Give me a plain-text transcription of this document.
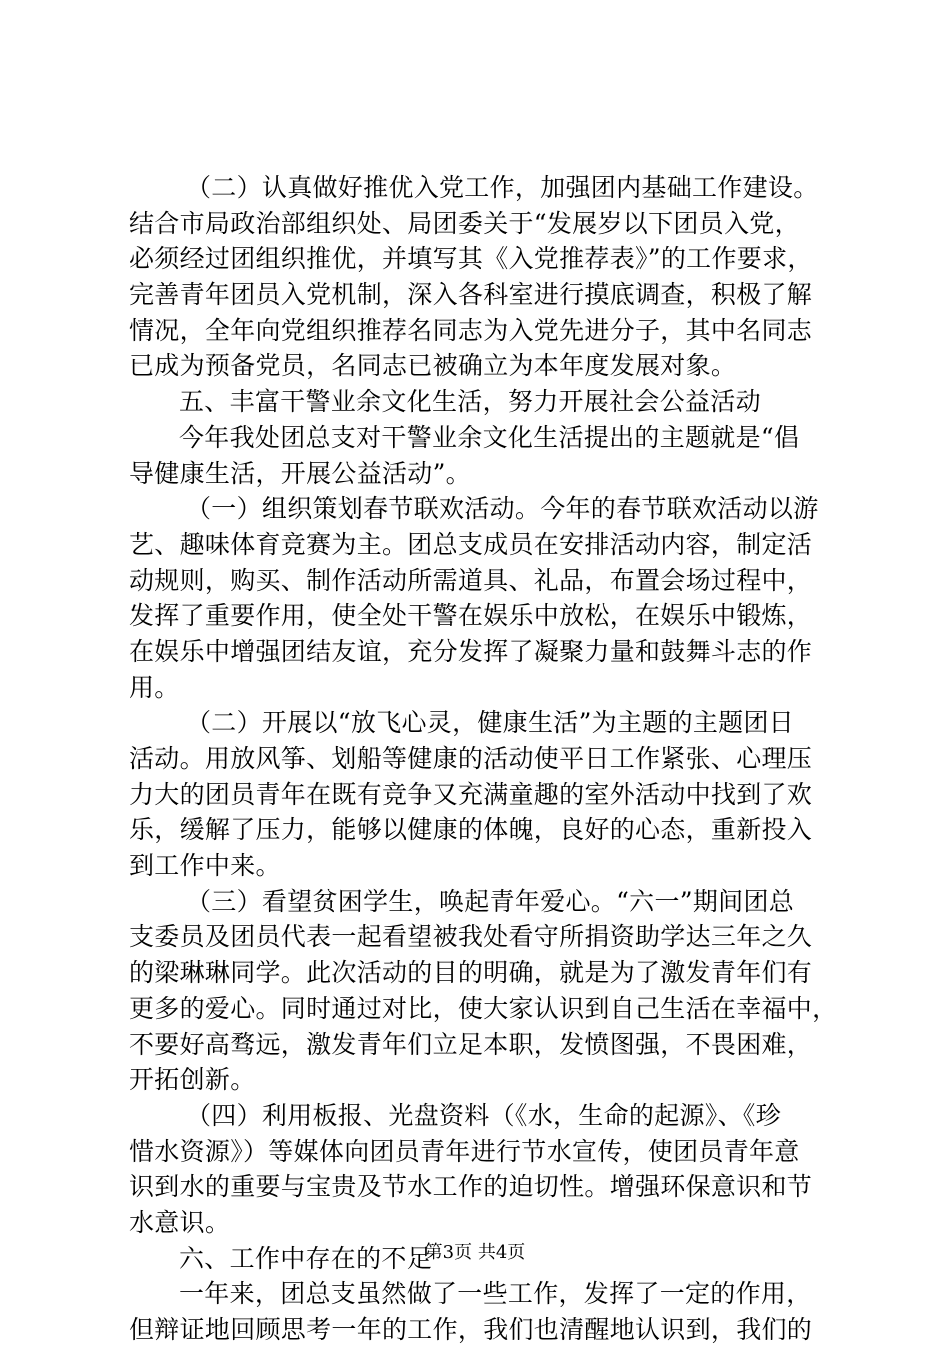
（二）认真做好推优入党工作，加强团内基础工作建设。
结合市局政治部组织处、局团委关于“发展岁以下团员入党，
必须经过团组织推优，并填写其《入党推荐表》”的工作要求，
完善青年团员入党机制，深入各科室进行摸底调查，积极了解
情况，全年向党组织推荐名同志为入党先进分子，其中名同志
已成为预备党员，名同志已被确立为本年度发展对象。
五、丰富干警业余文化生活，努力开展社会公益活动
今年我处团总支对干警业余文化生活提出的主题就是“倡
导健康生活，开展公益活动”。
（一）组织策划春节联欢活动。今年的春节联欢活动以游
艺、趣味体育竞赛为主。团总支成员在安排活动内容，制定活
动规则，购买、制作活动所需道具、礼品，布置会场过程中，
发挥了重要作用，使全处干警在娱乐中放松，在娱乐中锻炼，
在娱乐中增强团结友谊，充分发挥了凝聚力量和鼓舞斗志的作
用。
（二）开展以“放飞心灵，健康生活”为主题的主题团日
活动。用放风筝、划船等健康的活动使平日工作紧张、心理压
力大的团员青年在既有竞争又充满童趣的室外活动中找到了欢
乐，缓解了压力，能够以健康的体魄，良好的心态，重新投入
到工作中来。
（三）看望贫困学生，唤起青年爱心。“六一”期间团总
支委员及团员代表一起看望被我处看守所捐资助学达三年之久
的梁琳琳同学。此次活动的目的明确，就是为了激发青年们有
更多的爱心。同时通过对比，使大家认识到自己生活在幸福中，
不要好高骛远，激发青年们立足本职，发愤图强，不畏困难，
开拓创新。
（四）利用板报、光盘资料（《水，生命的起源》、《珍
惜水资源》）等媒体向团员青年进行节水宣传，使团员青年意
识到水的重要与宝贵及节水工作的迫切性。增强环保意识和节
水意识。
六、工作中存在的不足
一年来，团总支虽然做了一些工作，发挥了一定的作用，
但辩证地回顾思考一年的工作，我们也清醒地认识到，我们的
第3页 共4页
